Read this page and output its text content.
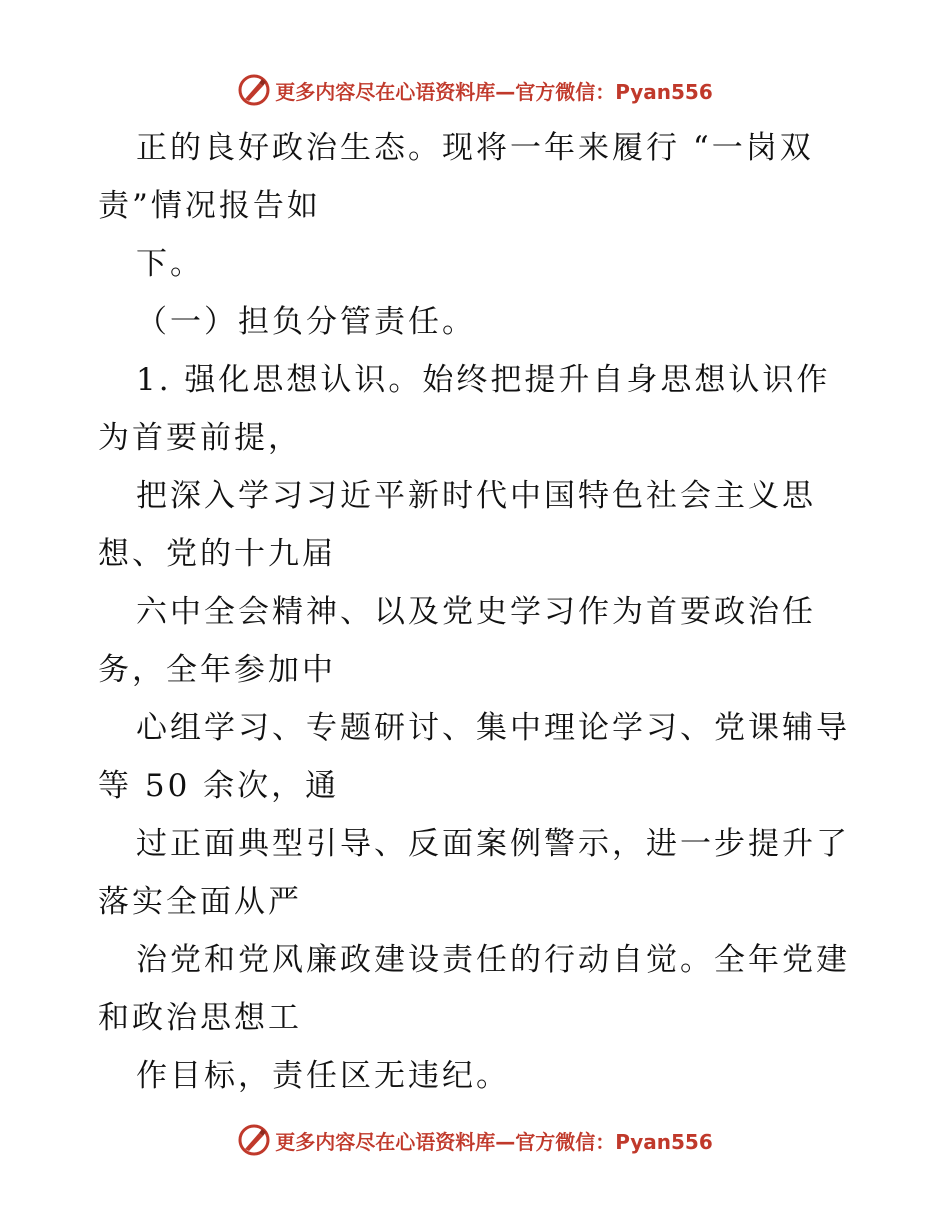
更多内容尽在心语资料库—官方微信：Pyan556
正的良好政治生态。现将一年来履行 “一岗双
责”情况报告如
下。
（一）担负分管责任。
1. 强化思想认识。始终把提升自身思想认识作
为首要前提，
把深入学习习近平新时代中国特色社会主义思
想、党的十九届
六中全会精神、以及党史学习作为首要政治任
务，全年参加中
心组学习、专题研讨、集中理论学习、党课辅导
等 50 余次，通
过正面典型引导、反面案例警示，进一步提升了
落实全面从严
治党和党风廉政建设责任的行动自觉。全年党建
和政治思想工
作目标，责任区无违纪。
更多内容尽在心语资料库—官方微信：Pyan556
